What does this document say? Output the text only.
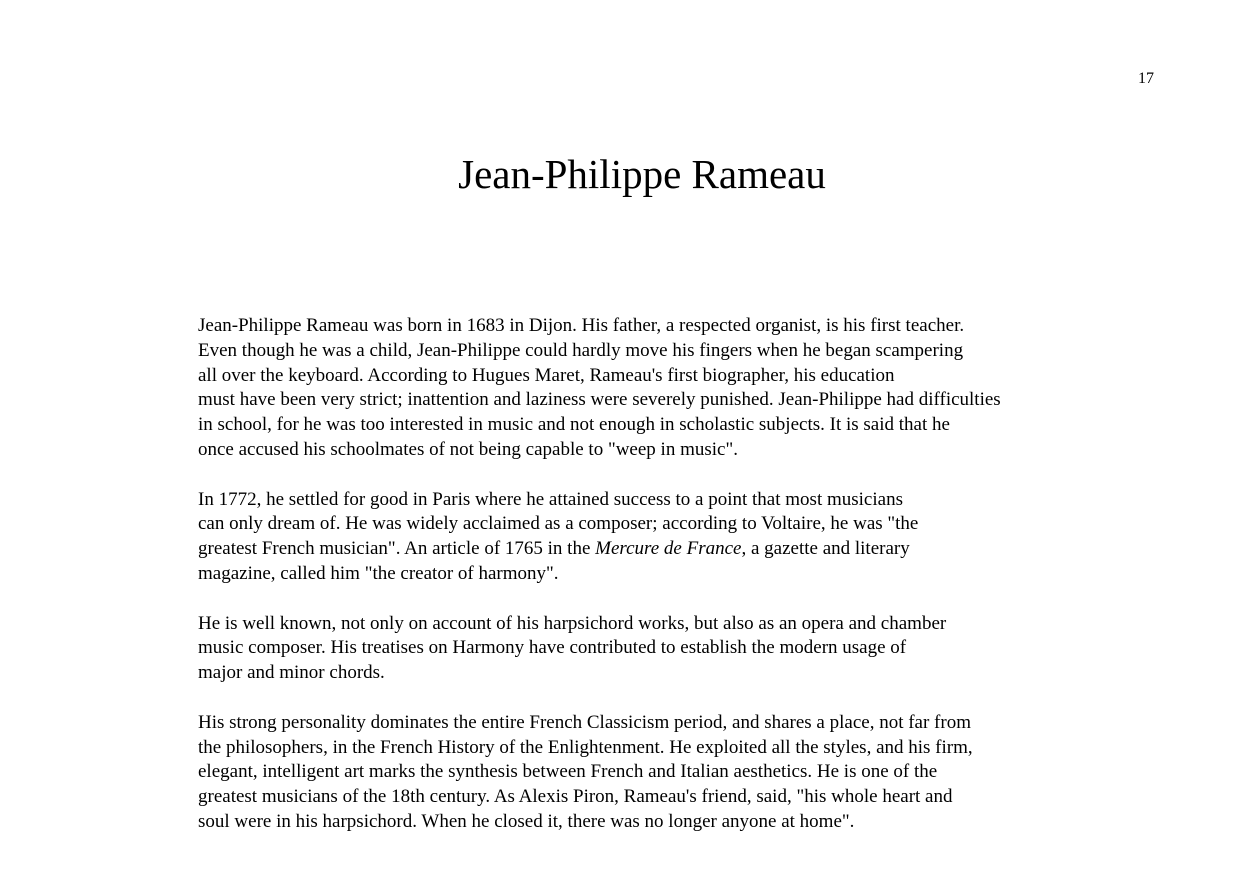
17
Jean-Philippe Rameau

Jean-Philippe Rameau was born in 1683 in Dijon. His father, a respected organist, is his first teacher.
Even though he was a child, Jean-Philippe could hardly move his fingers when he began scampering
all over the keyboard. According to Hugues Maret, Rameau's first biographer, his education
must have been very strict; inattention and laziness were severely punished. Jean-Philippe had difficulties
in school, for he was too interested in music and not enough in scholastic subjects. It is said that he
once accused his schoolmates of not being capable to "weep in music".

In 1772, he settled for good in Paris where he attained success to a point that most musicians
can only dream of. He was widely acclaimed as a composer; according to Voltaire, he was "the
greatest French musician". An article of 1765 in the Mercure de France, a gazette and literary
magazine, called him "the creator of harmony".

He is well known, not only on account of his harpsichord works, but also as an opera and chamber
music composer. His treatises on Harmony have contributed to establish the modern usage of
major and minor chords.

His strong personality dominates the entire French Classicism period, and shares a place, not far from
the philosophers, in the French History of the Enlightenment. He exploited all the styles, and his firm,
elegant, intelligent art marks the synthesis between French and Italian aesthetics. He is one of the
greatest musicians of the 18th century. As Alexis Piron, Rameau's friend, said, "his whole heart and
soul were in his harpsichord. When he closed it, there was no longer anyone at home".
